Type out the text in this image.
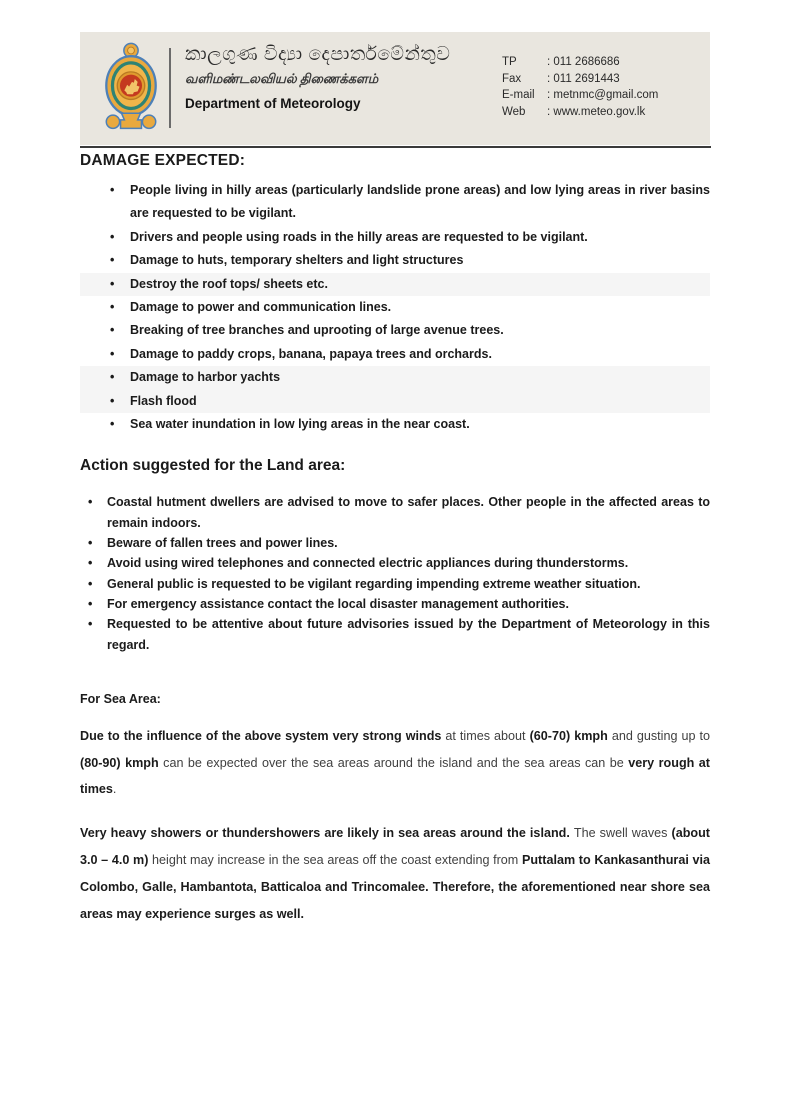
කාලගුණ විද්‍යා දෙපාර්තමේන්තුව
வளிமண்டலவியல் திணைக்களம்
Department of Meteorology
TP	: 011 2686686
Fax	: 011 2691443
E-mail	: metnmc@gmail.com
Web	: www.meteo.gov.lk
DAMAGE EXPECTED:
• People living in hilly areas (particularly landslide prone areas) and low lying areas in river basins are requested to be vigilant.
• Drivers and people using roads in the hilly areas are requested to be vigilant.
• Damage to huts, temporary shelters and light structures
• Destroy the roof tops/ sheets etc.
• Damage to power and communication lines.
• Breaking of tree branches and uprooting of large avenue trees.
• Damage to paddy crops, banana, papaya trees and orchards.
• Damage to harbor yachts
• Flash flood
• Sea water inundation in low lying areas in the near coast.
Action suggested for the Land area:
• Coastal hutment dwellers are advised to move to safer places. Other people in the affected areas to remain indoors.
• Beware of fallen trees and power lines.
• Avoid using wired telephones and connected electric appliances during thunderstorms.
• General public is requested to be vigilant regarding impending extreme weather situation.
• For emergency assistance contact the local disaster management authorities.
• Requested to be attentive about future advisories issued by the Department of Meteorology in this regard.
For Sea Area:

Due to the influence of the above system very strong winds at times about (60-70) kmph and gusting up to (80-90) kmph can be expected over the sea areas around the island and the sea areas can be very rough at times.

Very heavy showers or thundershowers are likely in sea areas around the island. The swell waves (about 3.0 – 4.0 m) height may increase in the sea areas off the coast extending from Puttalam to Kankasanthurai via Colombo, Galle, Hambantota, Batticaloa and Trincomalee. Therefore, the aforementioned near shore sea areas may experience surges as well.
